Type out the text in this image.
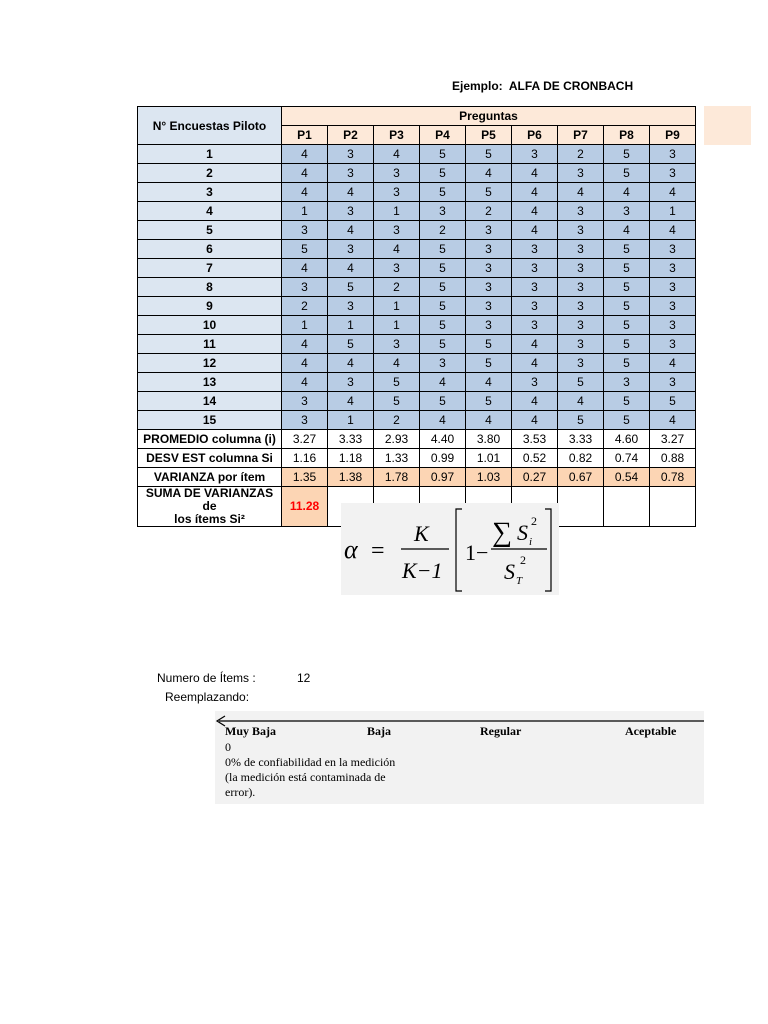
Ejemplo:  ALFA DE CRONBACH
N° Encuestas Piloto	Preguntas								
	P1	P2	P3	P4	P5	P6	P7	P8	P9
1	4	3	4	5	5	3	2	5	3
2	4	3	3	5	4	4	3	5	3
3	4	4	3	5	5	4	4	4	4
4	1	3	1	3	2	4	3	3	1
5	3	4	3	2	3	4	3	4	4
6	5	3	4	5	3	3	3	5	3
7	4	4	3	5	3	3	3	5	3
8	3	5	2	5	3	3	3	5	3
9	2	3	1	5	3	3	3	5	3
10	1	1	1	5	3	3	3	5	3
11	4	5	3	5	5	4	3	5	3
12	4	4	4	3	5	4	3	5	4
13	4	3	5	4	4	3	5	3	3
14	3	4	5	5	5	4	4	5	5
15	3	1	2	4	4	4	5	5	4
PROMEDIO columna (i)	3.27	3.33	2.93	4.40	3.80	3.53	3.33	4.60	3.27
DESV EST columna Si	1.16	1.18	1.33	0.99	1.01	0.52	0.82	0.74	0.88
VARIANZA por ítem	1.35	1.38	1.78	0.97	1.03	0.27	0.67	0.54	0.78

SUMA DE VARIANZAS de
los ítems Si²	11.28								
α =
K
K−1
1−
∑ S i
2
S T
2
Numero de Ítems :	12
Reemplazando:
Muy Baja	Baja	Regular	Aceptable
0
0% de confiabilidad en la medición
(la medición está contaminada de
error).
